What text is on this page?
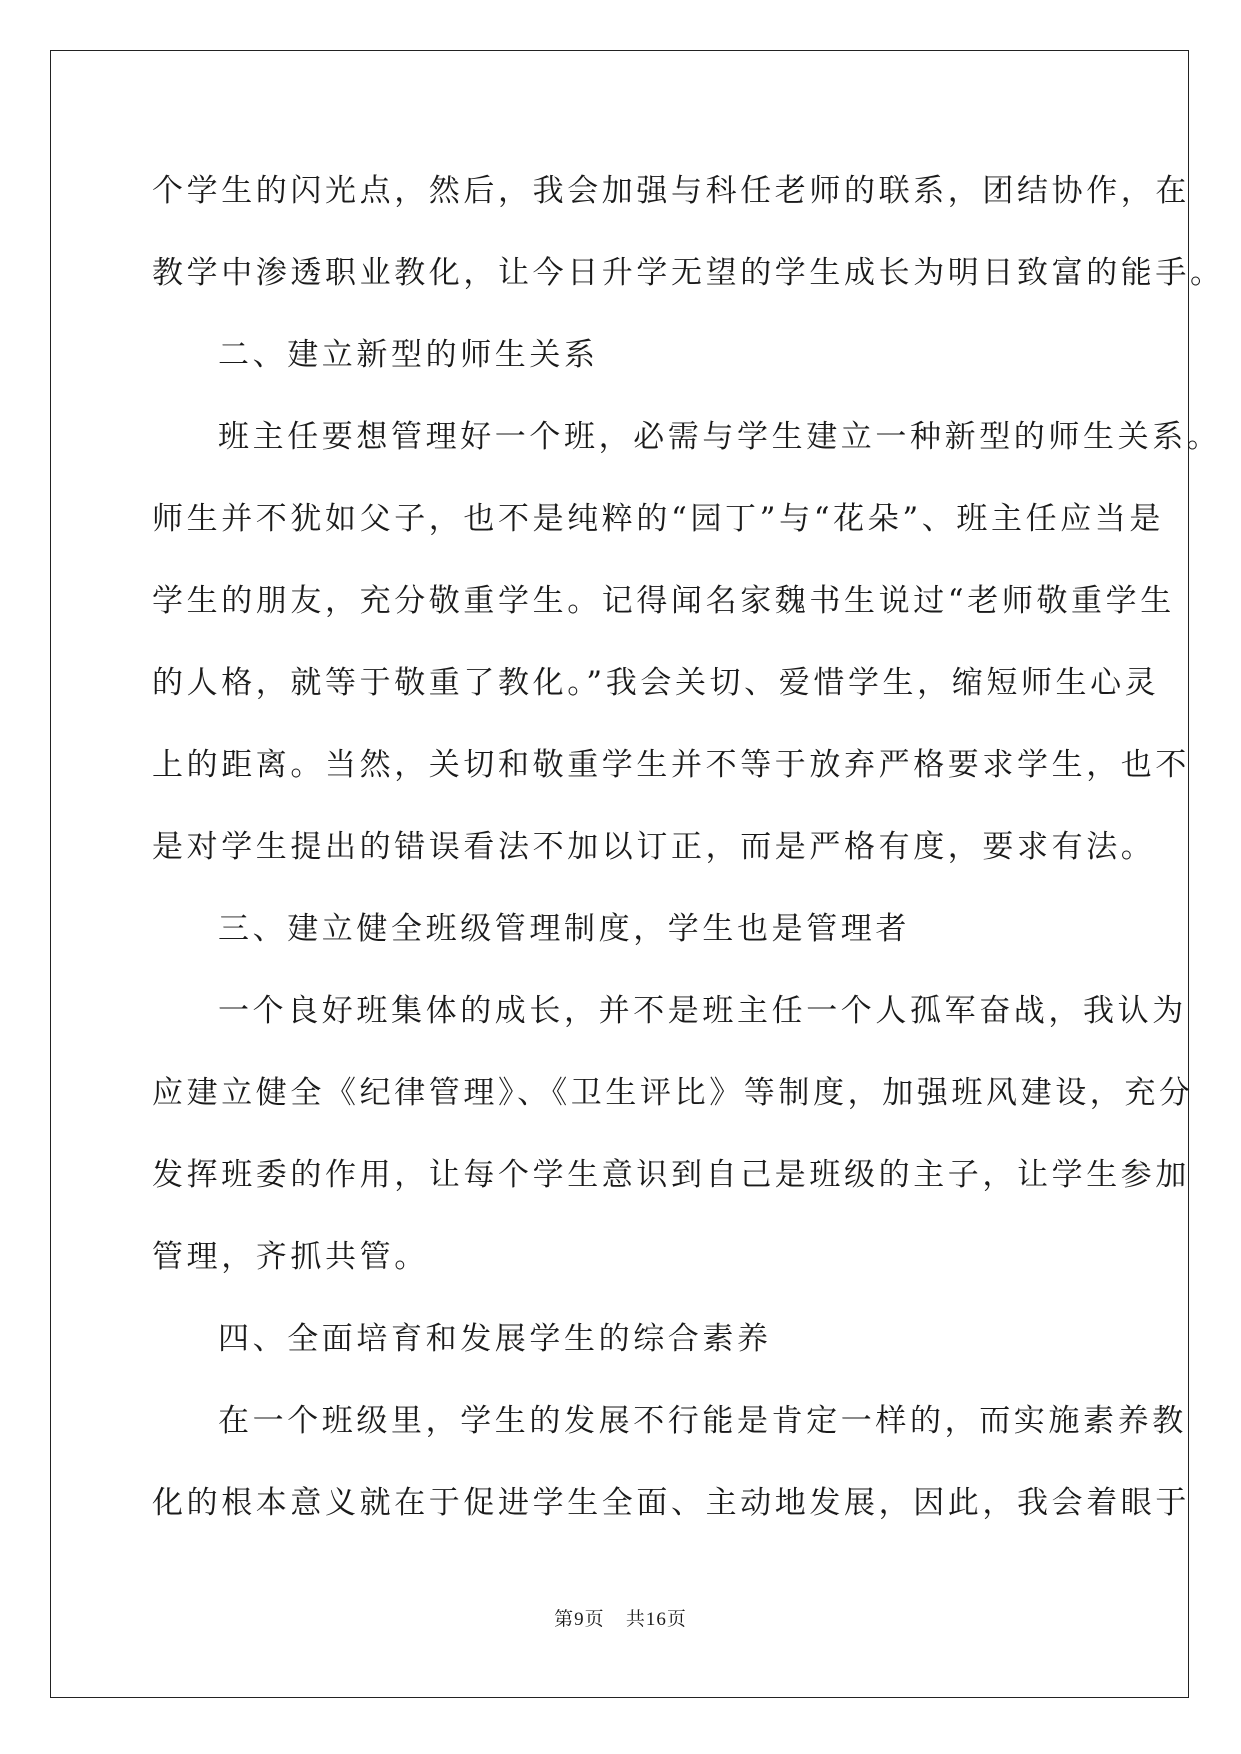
个学生的闪光点，然后，我会加强与科任老师的联系，团结协作，在
教学中渗透职业教化，让今日升学无望的学生成长为明日致富的能手。
二、建立新型的师生关系
班主任要想管理好一个班，必需与学生建立一种新型的师生关系。
师生并不犹如父子，也不是纯粹的“园丁”与“花朵”、班主任应当是
学生的朋友，充分敬重学生。记得闻名家魏书生说过“老师敬重学生
的人格，就等于敬重了教化。”我会关切、爱惜学生，缩短师生心灵
上的距离。当然，关切和敬重学生并不等于放弃严格要求学生，也不
是对学生提出的错误看法不加以订正，而是严格有度，要求有法。
三、建立健全班级管理制度，学生也是管理者
一个良好班集体的成长，并不是班主任一个人孤军奋战，我认为
应建立健全《纪律管理》、《卫生评比》等制度，加强班风建设，充分
发挥班委的作用，让每个学生意识到自己是班级的主子，让学生参加
管理，齐抓共管。
四、全面培育和发展学生的综合素养
在一个班级里，学生的发展不行能是肯定一样的，而实施素养教
化的根本意义就在于促进学生全面、主动地发展，因此，我会着眼于
第9页 共16页
